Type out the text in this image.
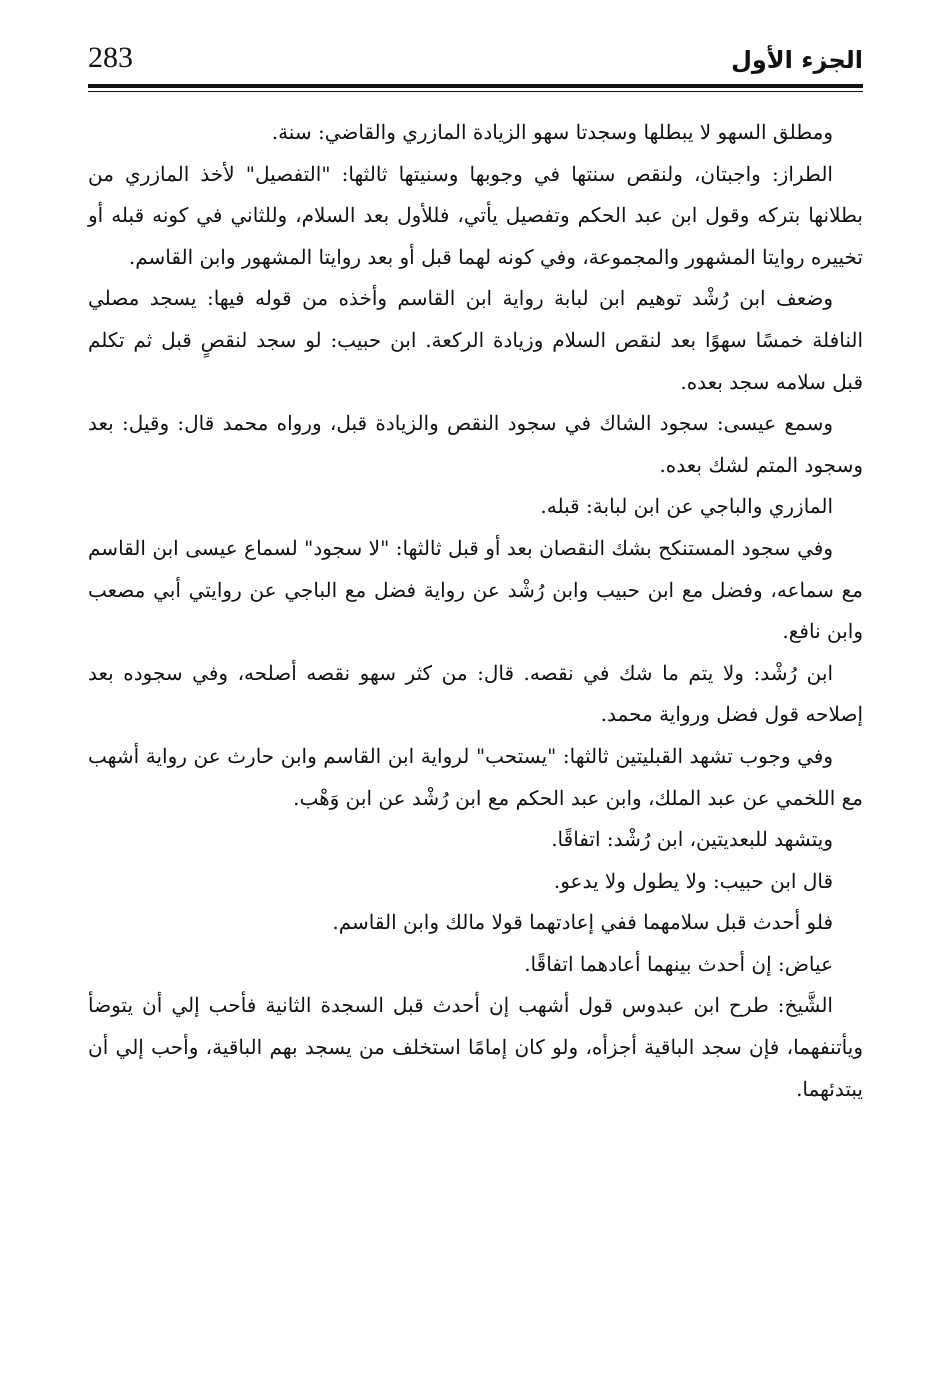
283	الجزء الأول

ومطلق السهو لا يبطلها وسجدتا سهو الزيادة المازري والقاضي: سنة.

الطراز: واجبتان، ولنقص سنتها في وجوبها وسنيتها ثالثها: "التفصيل" لأخذ المازري من بطلانها بتركه وقول ابن عبد الحكم وتفصيل يأتي، فللأول بعد السلام، وللثاني في كونه قبله أو تخييره روايتا المشهور والمجموعة، وفي كونه لهما قبل أو بعد روايتا المشهور وابن القاسم.

وضعف ابن رُشْد توهيم ابن لبابة رواية ابن القاسم وأخذه من قوله فيها: يسجد مصلي النافلة خمسًا سهوًا بعد لنقص السلام وزيادة الركعة. ابن حبيب: لو سجد لنقصٍ قبل ثم تكلم قبل سلامه سجد بعده.

وسمع عيسى: سجود الشاك في سجود النقص والزيادة قبل، ورواه محمد قال: وقيل: بعد وسجود المتم لشك بعده.

المازري والباجي عن ابن لبابة: قبله.

وفي سجود المستنكح بشك النقصان بعد أو قبل ثالثها: "لا سجود" لسماع عيسى ابن القاسم مع سماعه، وفضل مع ابن حبيب وابن رُشْد عن رواية فضل مع الباجي عن روايتي أبي مصعب وابن نافع.

ابن رُشْد: ولا يتم ما شك في نقصه. قال: من كثر سهو نقصه أصلحه، وفي سجوده بعد إصلاحه قول فضل ورواية محمد.

وفي وجوب تشهد القبليتين ثالثها: "يستحب" لرواية ابن القاسم وابن حارث عن رواية أشهب مع اللخمي عن عبد الملك، وابن عبد الحكم مع ابن رُشْد عن ابن وَهْب.

ويتشهد للبعديتين، ابن رُشْد: اتفاقًا.

قال ابن حبيب: ولا يطول ولا يدعو.

فلو أحدث قبل سلامهما ففي إعادتهما قولا مالك وابن القاسم.

عياض: إن أحدث بينهما أعادهما اتفاقًا.

الشَّيخ: طرح ابن عبدوس قول أشهب إن أحدث قبل السجدة الثانية فأحب إلي أن يتوضأ ويأتنفهما، فإن سجد الباقية أجزأه، ولو كان إمامًا استخلف من يسجد بهم الباقية، وأحب إلي أن يبتدئهما.
